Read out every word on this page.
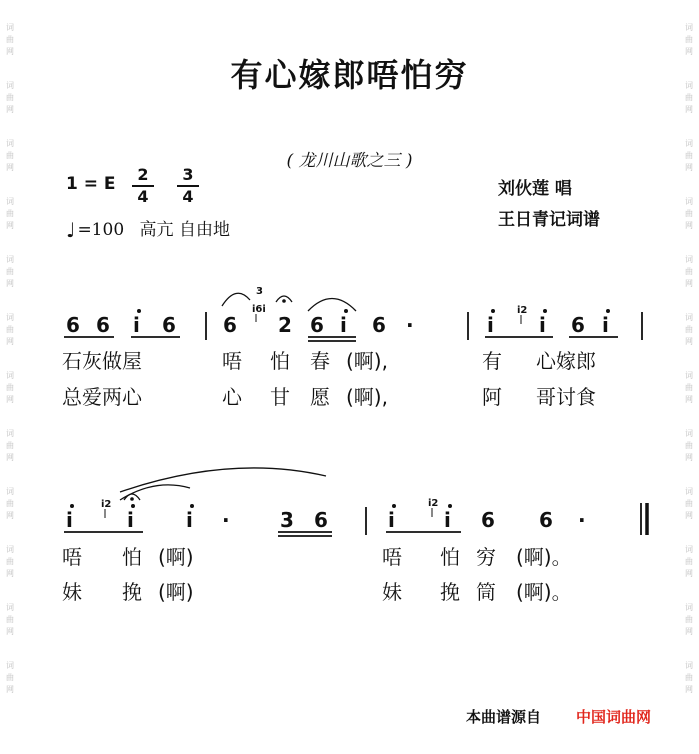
词
曲
网
词
曲
网
词
曲
网
词
曲
网
词
曲
网
词
曲
网
词
曲
网
词
曲
网
词
曲
网
词
曲
网
词
曲
网
词
曲
网
词
曲
网
词
曲
网
词
曲
网
词
曲
网
词
曲
网
词
曲
网
词
曲
网
词
曲
网
词
曲
网
词
曲
网
词
曲
网
词
曲
网
有心嫁郎唔怕穷
( 龙川山歌之三 )
1 = E $\frac{2}{4} \frac{3}{4}$
♩ =100 高亢 自由地
刘伙莲 唱
王日青记词谱
6 6 i 6 6 2 6 i 6 ·	i i 6 i
i	i	i ·	3 6	i i 6 6 ·
i6i
3
i2
i2	i2
石灰做屋	唔 怕 春 (啊),	有 心嫁郎
总爱两心	心 甘 愿 (啊),	阿 哥讨食
唔 怕 (啊)	唔 怕 穷 (啊)。
妹 挽 (啊)	妹 挽 筒 (啊)。
本曲谱源自 中国词曲网
